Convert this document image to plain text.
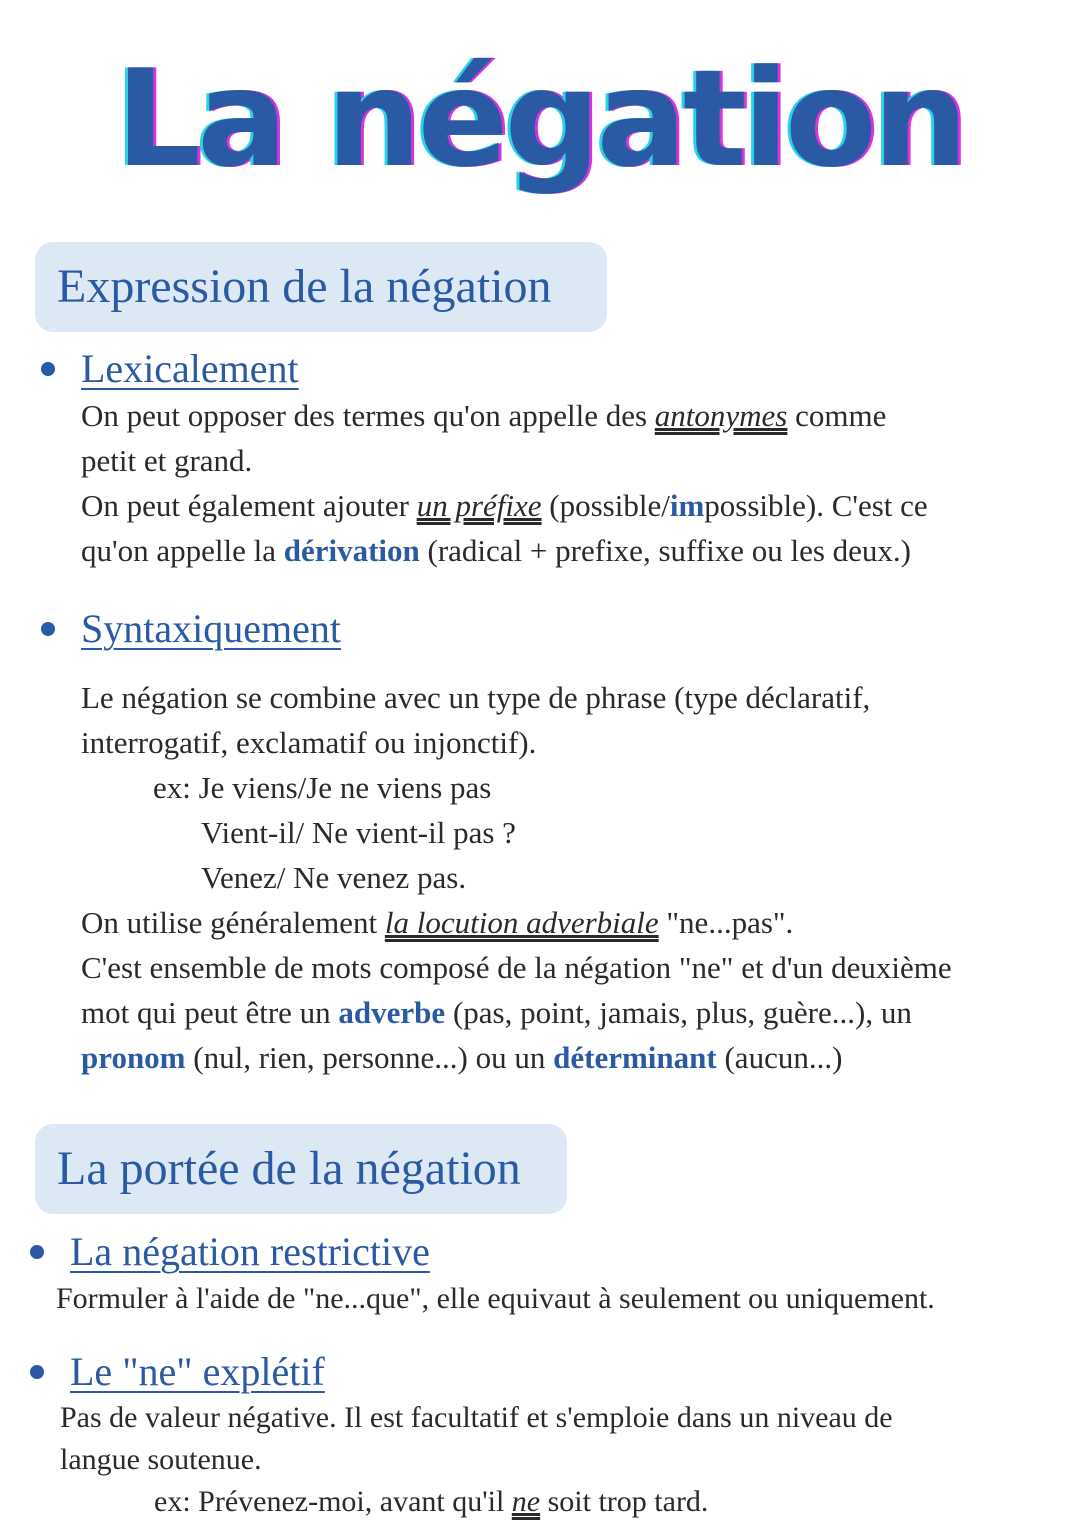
La négation
Expression de la négation
Lexicalement
On peut opposer des termes qu'on appelle des antonymes comme
petit et grand.
On peut également ajouter un préfixe (possible/impossible). C'est ce
qu'on appelle la dérivation (radical + prefixe, suffixe ou les deux.)
Syntaxiquement
Le négation se combine avec un type de phrase (type déclaratif,
interrogatif, exclamatif ou injonctif).
ex: Je viens/Je ne viens pas
Vient-il/ Ne vient-il pas ?
Venez/ Ne venez pas.
On utilise généralement la locution adverbiale "ne...pas".
C'est ensemble de mots composé de la négation "ne" et d'un deuxième
mot qui peut être un adverbe (pas, point, jamais, plus, guère...), un
pronom (nul, rien, personne...) ou un déterminant (aucun...)
La portée de la négation
La négation restrictive
Formuler à l'aide de "ne...que", elle equivaut à seulement ou uniquement.
Le "ne" explétif
Pas de valeur négative. Il est facultatif et s'emploie dans un niveau de
langue soutenue.
ex: Prévenez-moi, avant qu'il ne soit trop tard.
